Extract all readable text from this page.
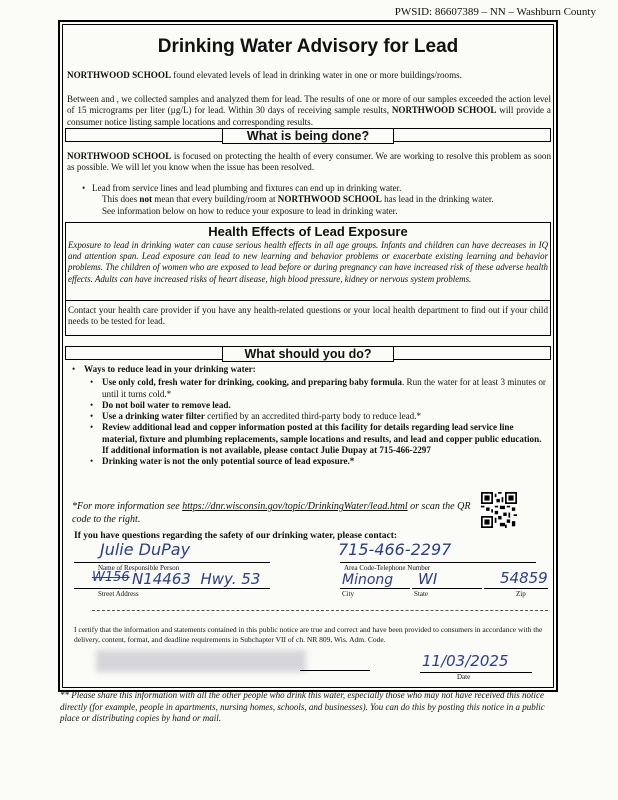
PWSID: 86607389 – NN – Washburn County
Drinking Water Advisory for Lead
NORTHWOOD SCHOOL found elevated levels of lead in drinking water in one or more buildings/rooms.
Between and , we collected samples and analyzed them for lead. The results of one or more of our samples exceeded the action level of 15 micrograms per liter (µg/L) for lead. Within 30 days of receiving sample results, NORTHWOOD SCHOOL will provide a consumer notice listing sample locations and corresponding results.
What is being done?
NORTHWOOD SCHOOL is focused on protecting the health of every consumer. We are working to resolve this problem as soon as possible. We will let you know when the issue has been resolved.
• Lead from service lines and lead plumbing and fixtures can end up in drinking water.
This does not mean that every building/room at NORTHWOOD SCHOOL has lead in the drinking water.
See information below on how to reduce your exposure to lead in drinking water.
Health Effects of Lead Exposure
Exposure to lead in drinking water can cause serious health effects in all age groups. Infants and children can have decreases in IQ and attention span. Lead exposure can lead to new learning and behavior problems or exacerbate existing learning and behavior problems. The children of women who are exposed to lead before or during pregnancy can have increased risk of these adverse health effects. Adults can have increased risks of heart disease, high blood pressure, kidney or nervous system problems.
Contact your health care provider if you have any health-related questions or your local health department to find out if your child needs to be tested for lead.
What should you do?
• Ways to reduce lead in your drinking water:
• Use only cold, fresh water for drinking, cooking, and preparing baby formula. Run the water for at least 3 minutes or until it turns cold.*
• Do not boil water to remove lead.
• Use a drinking water filter certified by an accredited third-party body to reduce lead.*
• Review additional lead and copper information posted at this facility for details regarding lead service line material, fixture and plumbing replacements, sample locations and results, and lead and copper public education. If additional information is not available, please contact Julie Dupay at 715-466-2297
• Drinking water is not the only potential source of lead exposure.*
*For more information see https://dnr.wisconsin.gov/topic/DrinkingWater/lead.html or scan the QR code to the right.
If you have questions regarding the safety of our drinking water, please contact:
Julie DuPay	715-466-2297
Name of Responsible Person	Area Code-Telephone Number
W156 N14463  Hwy. 53	Minong WI	54859
Street Address	City	State	Zip
I certify that the information and statements contained in this public notice are true and correct and have been provided to consumers in accordance with the delivery, content, format, and deadline requirements in Subchapter VII of ch. NR 809, Wis. Adm. Code.
11/03/2025
Date
** Please share this information with all the other people who drink this water, especially those who may not have received this notice directly (for example, people in apartments, nursing homes, schools, and businesses). You can do this by posting this notice in a public place or distributing copies by hand or mail.
